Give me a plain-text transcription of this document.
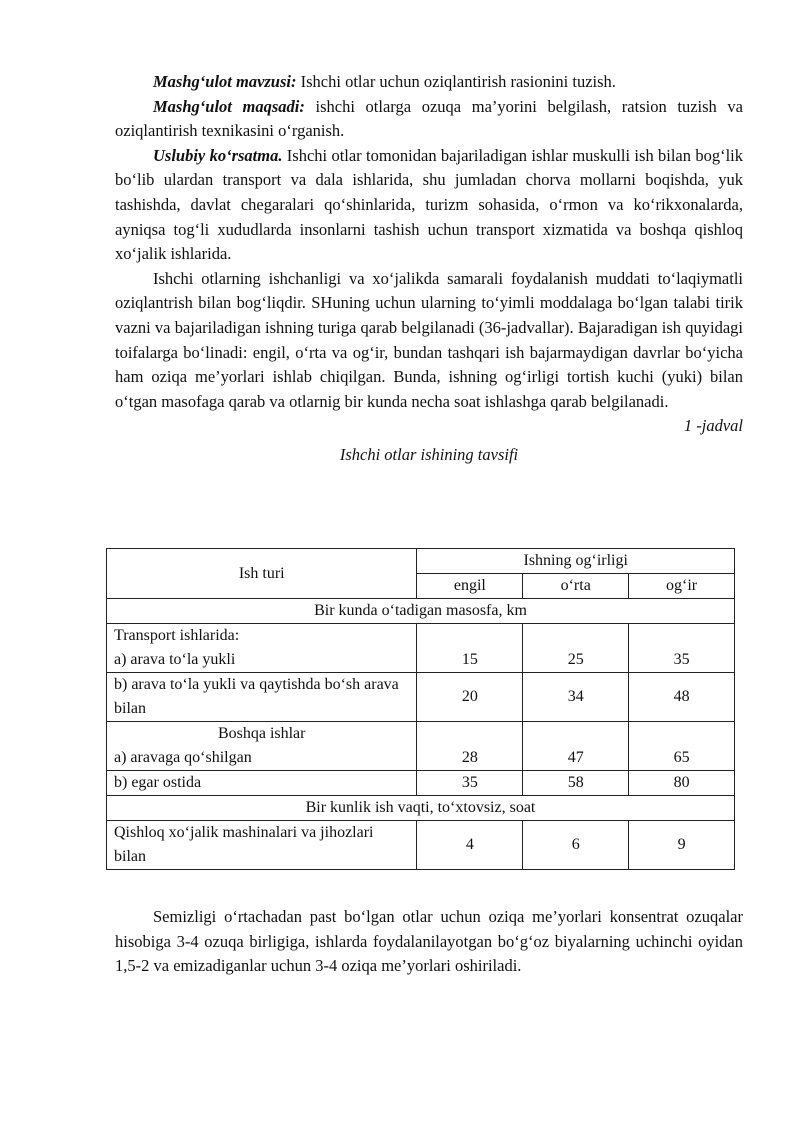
Mashg‘ulot mavzusi: Ishchi otlar uchun oziqlantirish rasionini tuzish.

Mashg‘ulot maqsadi: ishchi otlarga ozuqa ma’yorini belgilash, ratsion tuzish va oziqlantirish texnikasini o‘rganish.

Uslubiy ko‘rsatma. Ishchi otlar tomonidan bajariladigan ishlar muskulli ish bilan bog‘lik bo‘lib ulardan transport va dala ishlarida, shu jumladan chorva mollarni boqishda, yuk tashishda, davlat chegaralari qo‘shinlarida, turizm sohasida, o‘rmon va ko‘rikxonalarda, ayniqsa tog‘li xududlarda insonlarni tashish uchun transport xizmatida va boshqa qishloq xo‘jalik ishlarida.

Ishchi otlarning ishchanligi va xo‘jalikda samarali foydalanish muddati to‘laqiymatli oziqlantrish bilan bog‘liqdir. SHuning uchun ularning to‘yimli moddalaga bo‘lgan talabi tirik vazni va bajariladigan ishning turiga qarab belgilanadi (36-jadvallar). Bajaradigan ish quyidagi toifalarga bo‘linadi: engil, o‘rta va og‘ir, bundan tashqari ish bajarmaydigan davrlar bo‘yicha ham oziqa me’yorlari ishlab chiqilgan. Bunda, ishning og‘irligi tortish kuchi (yuki) bilan o‘tgan masofaga qarab va otlarnig bir kunda necha soat ishlashga qarab belgilanadi.

1 -jadval

Ishchi otlar ishining tavsifi

Ish turi	Ishning og‘irligi		
	engil	o‘rta	og‘ir
Bir kunda o‘tadigan masosfa, km			
Transport ishlarida:
a) arava to‘la yukli	15	25	35
b) arava to‘la yukli va qaytishda bo‘sh arava bilan	20	34	48

Boshqa ishlar
a) aravaga qo‘shilgan	28	47	65
b) egar ostida	35	58	80
Bir kunlik ish vaqti, to‘xtovsiz, soat			
Qishloq xo‘jalik mashinalari va jihozlari bilan	4	6	9

Semizligi o‘rtachadan past bo‘lgan otlar uchun oziqa me’yorlari konsentrat ozuqalar hisobiga 3-4 ozuqa birligiga, ishlarda foydalanilayotgan bo‘g‘oz biyalarning uchinchi oyidan 1,5-2 va emizadiganlar uchun 3-4 oziqa me’yorlari oshiriladi.
